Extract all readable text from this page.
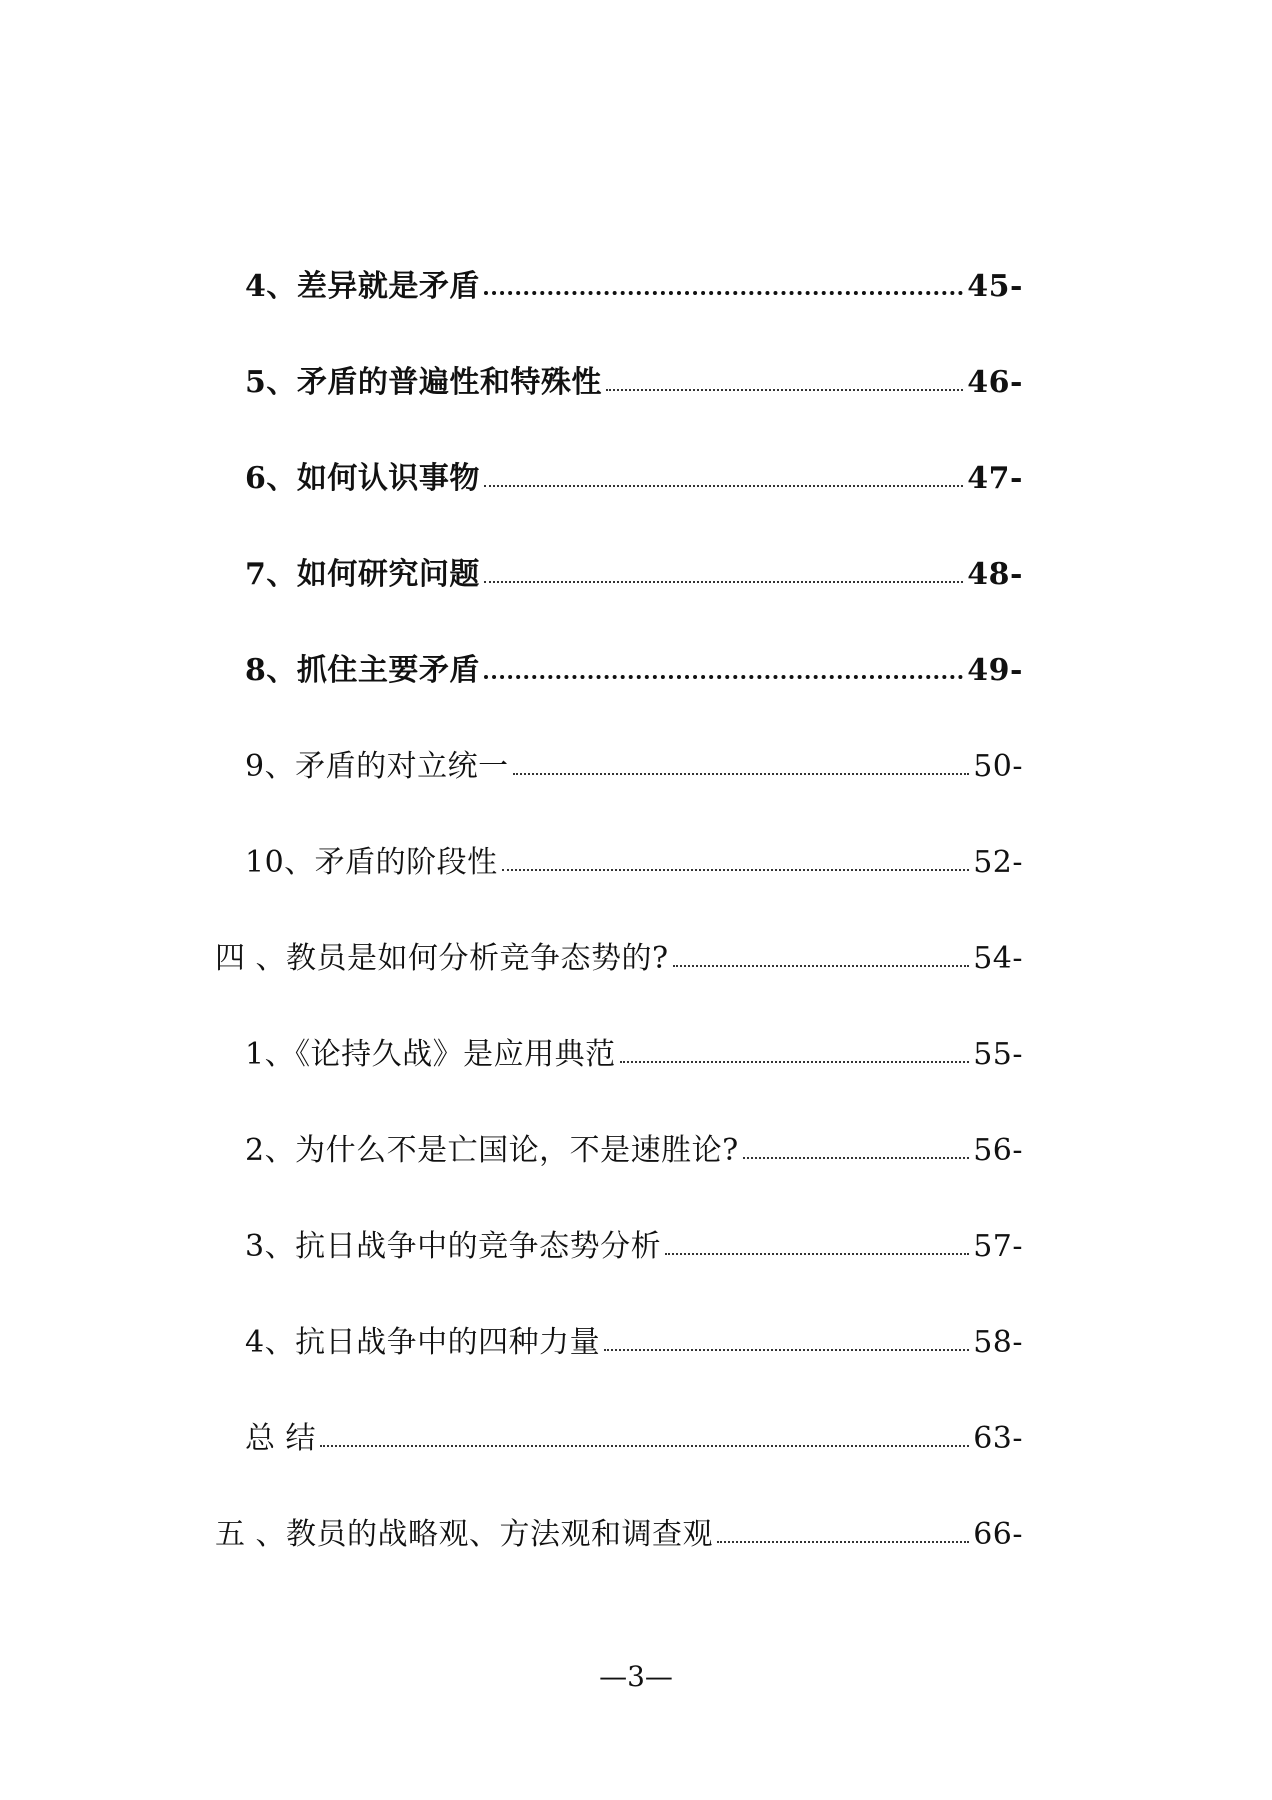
4、差异就是矛盾	45-
5、矛盾的普遍性和特殊性	46-
6、如何认识事物	47-
7、如何研究问题	48-
8、抓住主要矛盾	49-
9、矛盾的对立统一	50-
10、矛盾的阶段性	52-
四 、教员是如何分析竞争态势的?	54-
1、《论持久战》是应用典范	55-
2、为什么不是亡国论，不是速胜论?	56-
3、抗日战争中的竞争态势分析	57-
4、抗日战争中的四种力量	58-
总 结	63-
五 、教员的战略观、方法观和调查观	66-
—3—
